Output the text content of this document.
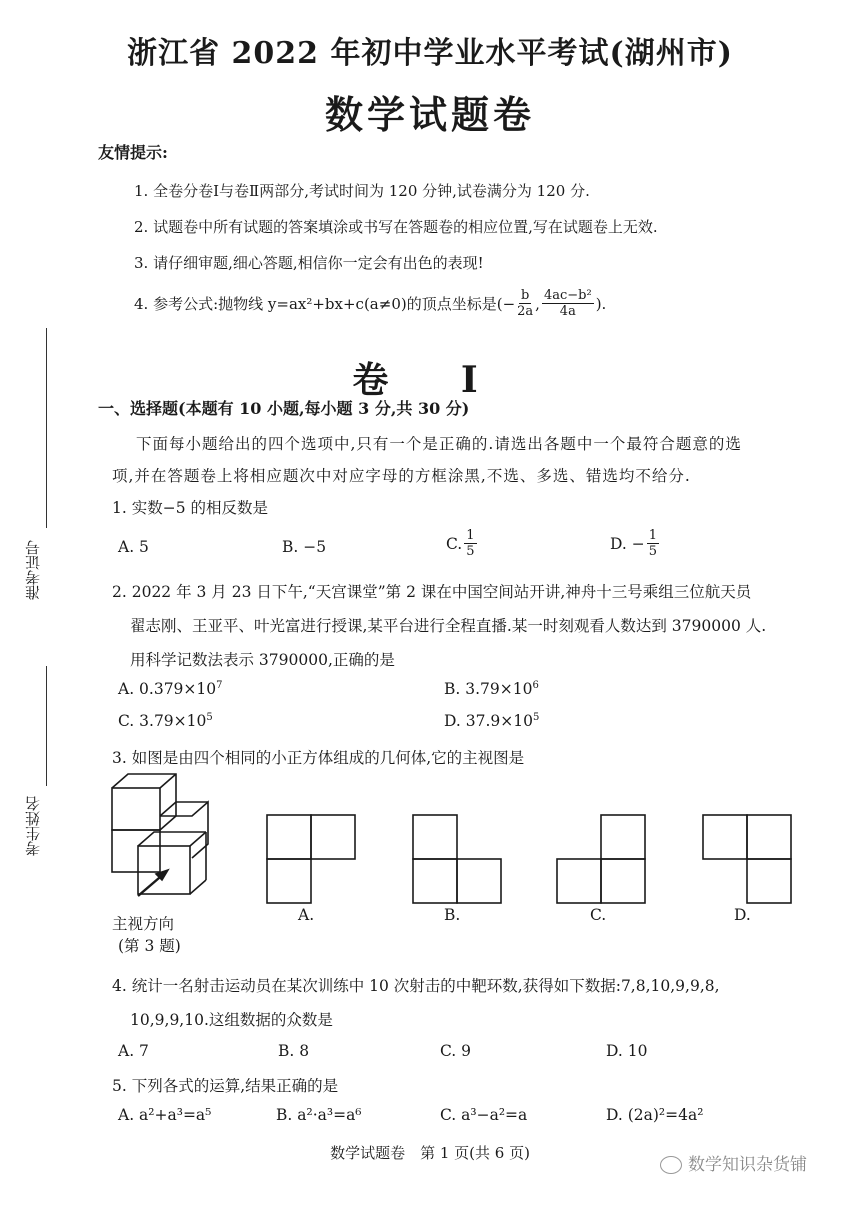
浙江省 2022 年初中学业水平考试(湖州市)
数学试题卷
友情提示:
1. 全卷分卷Ⅰ与卷Ⅱ两部分,考试时间为 120 分钟,试卷满分为 120 分.
2. 试题卷中所有试题的答案填涂或书写在答题卷的相应位置,写在试题卷上无效.
3. 请仔细审题,细心答题,相信你一定会有出色的表现!
4. 参考公式:抛物线 y=ax²+bx+c(a≠0)的顶点坐标是(− $\frac{b}{2a}$ , $\frac{\text{4ac−b²}}{4a}$ ).
卷 Ⅰ
一、选择题(本题有 10 小题,每小题 3 分,共 30 分)
下面每小题给出的四个选项中,只有一个是正确的.请选出各题中一个最符合题意的选
项,并在答题卷上将相应题次中对应字母的方框涂黑,不选、多选、错选均不给分.
1. 实数−5 的相反数是
A. 5	B. −5	C. $\frac{1}{5}$	D. − $\frac{1}{5}$
2. 2022 年 3 月 23 日下午,“天宫课堂”第 2 课在中国空间站开讲,神舟十三号乘组三位航天员
翟志刚、王亚平、叶光富进行授课,某平台进行全程直播.某一时刻观看人数达到 3790000 人.
用科学记数法表示 3790000,正确的是
A. $0.379\times 10^7$	B. $3.79\times 10^6$
C. $3.79\times 10^5$	D. $37.9\times 10^5$
3. 如图是由四个相同的小正方体组成的几何体,它的主视图是
主视方向
(第 3 题)
A.	B.	C.	D.
4. 统计一名射击运动员在某次训练中 10 次射击的中靶环数,获得如下数据:7,8,10,9,9,8,
10,9,9,10.这组数据的众数是
A. 7	B. 8	C. 9	D. 10
5. 下列各式的运算,结果正确的是
A. a²+a³=a⁵	B. a²·a³=a⁶	C. a³−a²=a	D. (2a)²=4a²
准考证号
考生姓名
数学试题卷　第 1 页(共 6 页)
数学知识杂货铺
